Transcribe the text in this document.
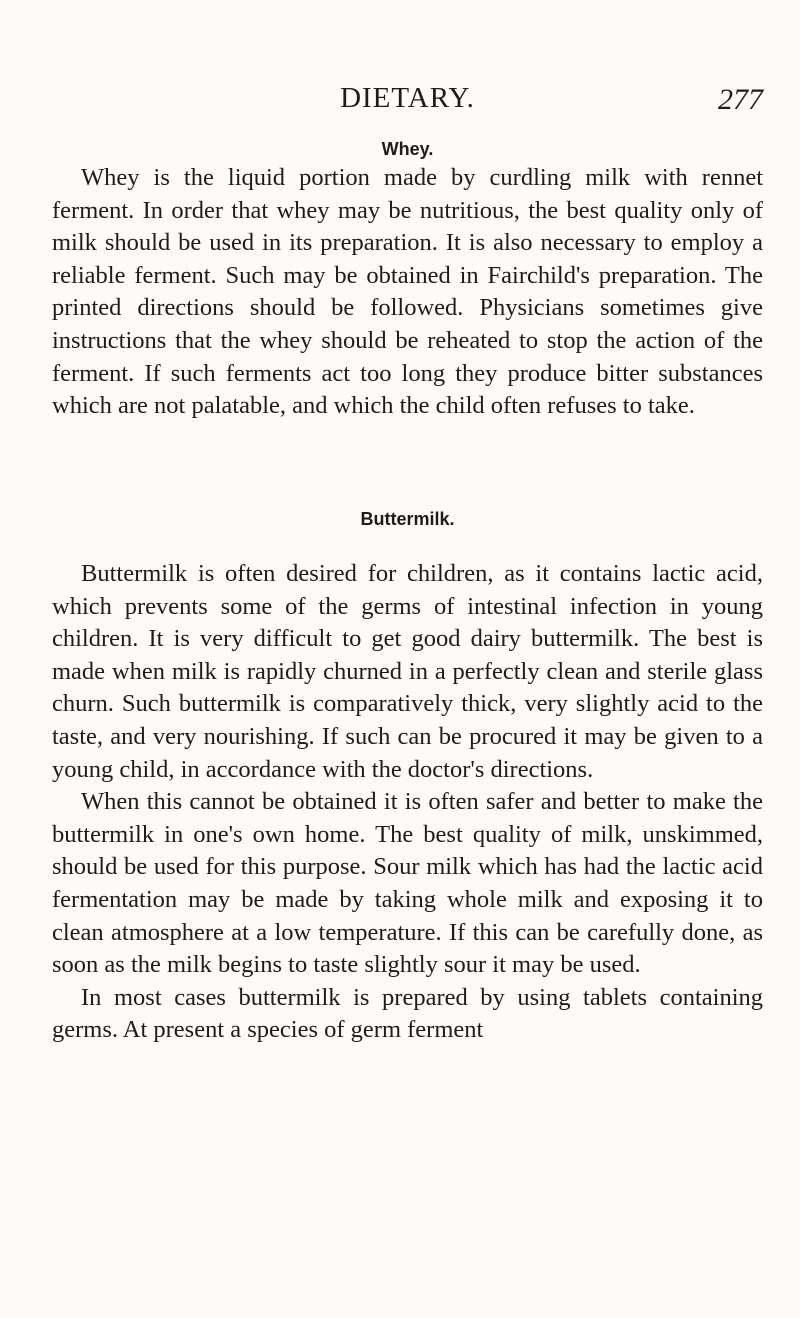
DIETARY.	277
Whey.

Whey is the liquid portion made by curdling milk with rennet ferment. In order that whey may be nutritious, the best quality only of milk should be used in its preparation. It is also necessary to employ a reliable ferment. Such may be obtained in Fairchild's preparation. The printed directions should be followed. Physicians sometimes give instructions that the whey should be reheated to stop the action of the ferment. If such ferments act too long they produce bitter substances which are not palatable, and which the child often refuses to take.

Buttermilk.

Buttermilk is often desired for children, as it contains lactic acid, which prevents some of the germs of intestinal infection in young children. It is very difficult to get good dairy buttermilk. The best is made when milk is rapidly churned in a perfectly clean and sterile glass churn. Such buttermilk is comparatively thick, very slightly acid to the taste, and very nourishing. If such can be procured it may be given to a young child, in accordance with the doctor's directions.

When this cannot be obtained it is often safer and better to make the buttermilk in one's own home. The best quality of milk, unskimmed, should be used for this purpose. Sour milk which has had the lactic acid fermentation may be made by taking whole milk and exposing it to clean atmosphere at a low temperature. If this can be carefully done, as soon as the milk begins to taste slightly sour it may be used.

In most cases buttermilk is prepared by using tablets containing germs. At present a species of germ ferment
